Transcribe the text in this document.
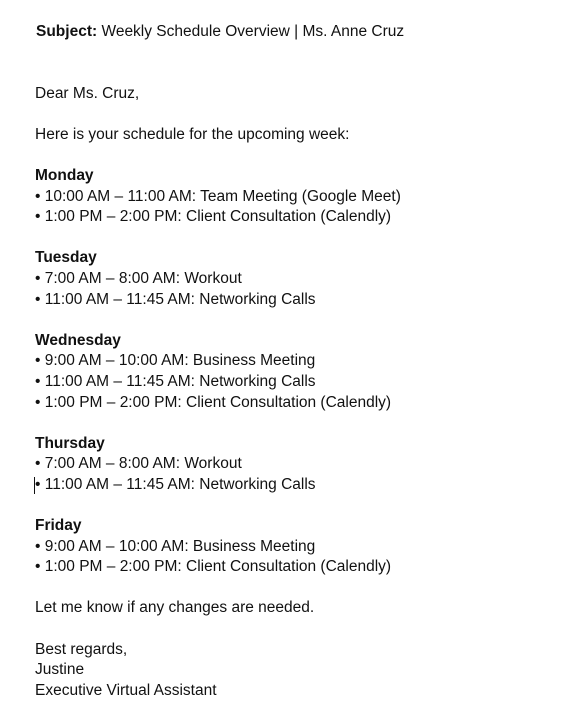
Subject: Weekly Schedule Overview | Ms. Anne Cruz
Dear Ms. Cruz,
Here is your schedule for the upcoming week:
Monday
• 10:00 AM – 11:00 AM: Team Meeting (Google Meet)
• 1:00 PM – 2:00 PM: Client Consultation (Calendly)
Tuesday
• 7:00 AM – 8:00 AM: Workout
• 11:00 AM – 11:45 AM: Networking Calls
Wednesday
• 9:00 AM – 10:00 AM: Business Meeting
• 11:00 AM – 11:45 AM: Networking Calls
• 1:00 PM – 2:00 PM: Client Consultation (Calendly)
Thursday
• 7:00 AM – 8:00 AM: Workout
• 11:00 AM – 11:45 AM: Networking Calls
Friday
• 9:00 AM – 10:00 AM: Business Meeting
• 1:00 PM – 2:00 PM: Client Consultation (Calendly)
Let me know if any changes are needed.
Best regards,
Justine
Executive Virtual Assistant
